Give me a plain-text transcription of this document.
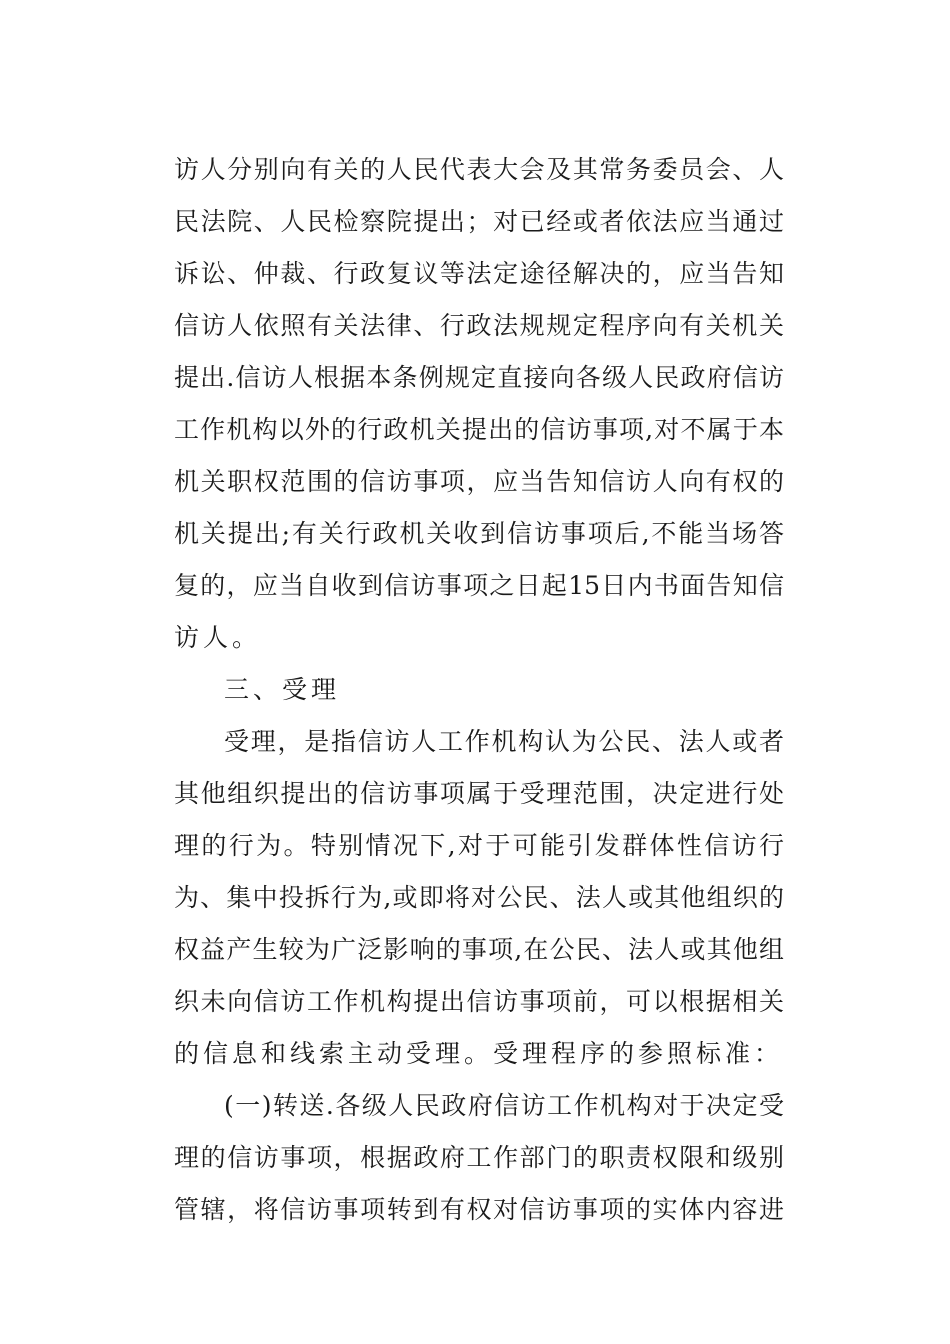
访人分别向有关的人民代表大会及其常务委员会、人
民法院、人民检察院提出；对已经或者依法应当通过
诉讼、仲裁、行政复议等法定途径解决的，应当告知
信访人依照有关法律、行政法规规定程序向有关机关
提出.信访人根据本条例规定直接向各级人民政府信访
工作机构以外的行政机关提出的信访事项,对不属于本
机关职权范围的信访事项，应当告知信访人向有权的
机关提出;有关行政机关收到信访事项后,不能当场答
复的，应当自收到信访事项之日起15日内书面告知信
访人。
三、受理
受理，是指信访人工作机构认为公民、法人或者
其他组织提出的信访事项属于受理范围，决定进行处
理的行为。特别情况下,对于可能引发群体性信访行
为、集中投拆行为,或即将对公民、法人或其他组织的
权益产生较为广泛影响的事项,在公民、法人或其他组
织未向信访工作机构提出信访事项前，可以根据相关
的信息和线索主动受理。受理程序的参照标准：
(一)转送.各级人民政府信访工作机构对于决定受
理的信访事项，根据政府工作部门的职责权限和级别
管辖，将信访事项转到有权对信访事项的实体内容进
